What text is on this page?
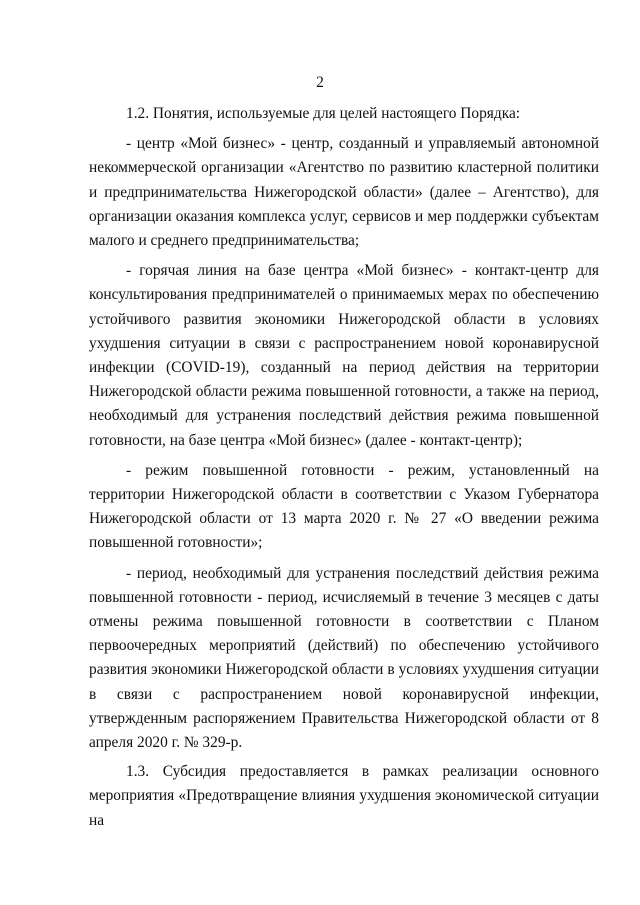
2

1.2. Понятия, используемые для целей настоящего Порядка:

- центр «Мой бизнес» - центр, созданный и управляемый автономной некоммерческой организации «Агентство по развитию кластерной политики и предпринимательства Нижегородской области» (далее – Агентство), для организации оказания комплекса услуг, сервисов и мер поддержки субъектам малого и среднего предпринимательства;

- горячая линия на базе центра «Мой бизнес» - контакт-центр для консультирования предпринимателей о принимаемых мерах по обеспечению устойчивого развития экономики Нижегородской области в условиях ухудшения ситуации в связи с распространением новой коронавирусной инфекции (COVID-19), созданный на период действия на территории Нижегородской области режима повышенной готовности, а также на период, необходимый для устранения последствий действия режима повышенной готовности, на базе центра «Мой бизнес» (далее - контакт-центр);

- режим повышенной готовности - режим, установленный на территории Нижегородской области в соответствии с Указом Губернатора Нижегородской области от 13 марта 2020 г. № 27 «О введении режима повышенной готовности»;

- период, необходимый для устранения последствий действия режима повышенной готовности - период, исчисляемый в течение 3 месяцев с даты отмены режима повышенной готовности в соответствии с Планом первоочередных мероприятий (действий) по обеспечению устойчивого развития экономики Нижегородской области в условиях ухудшения ситуации в связи с распространением новой коронавирусной инфекции, утвержденным распоряжением Правительства Нижегородской области от 8 апреля 2020 г. № 329-р.

1.3. Субсидия предоставляется в рамках реализации основного мероприятия «Предотвращение влияния ухудшения экономической ситуации на
